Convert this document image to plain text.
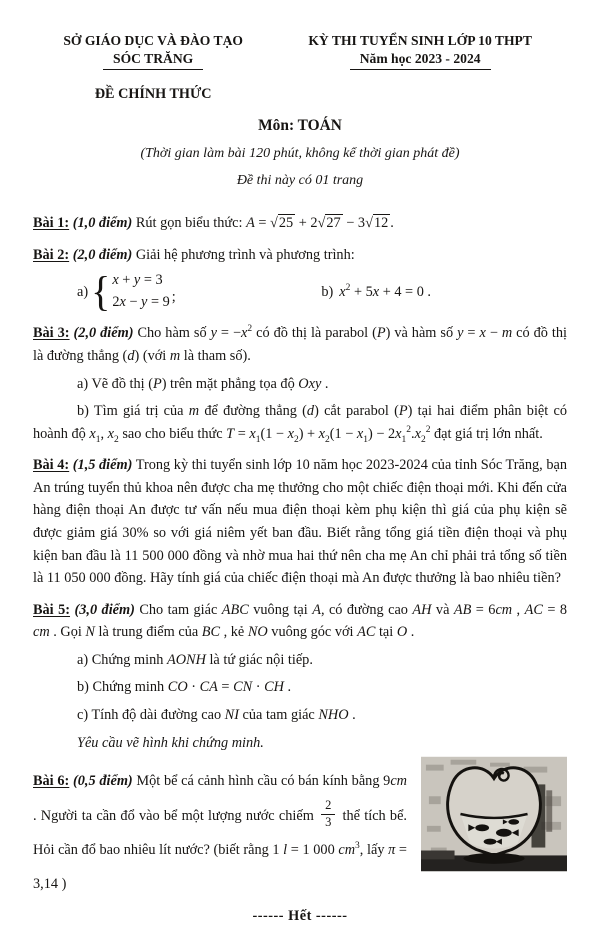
SỞ GIÁO DỤC VÀ ĐÀO TẠO
SÓC TRĂNG
ĐỀ CHÍNH THỨC
KỲ THI TUYỂN SINH LỚP 10 THPT
Năm học 2023 - 2024
Môn: TOÁN
(Thời gian làm bài 120 phút, không kể thời gian phát đề)
Đề thi này có 01 trang

Bài 1: (1,0 điểm) Rút gọn biểu thức: A = √25 + 2√27 − 3√12 .

Bài 2: (2,0 điểm) Giải hệ phương trình và phương trình:

a) { x + y = 3
2x − y = 9 ;	b) $x^2 + 5x + 4 = 0$ .

Bài 3: (2,0 điểm) Cho hàm số $y = -x^2$ có đồ thị là parabol (P) và hàm số y = x − m có đồ thị là đường thẳng (d) (với m là tham số).

a) Vẽ đồ thị (P) trên mặt phẳng tọa độ Oxy .

b) Tìm giá trị của m để đường thẳng (d) cắt parabol (P) tại hai điểm phân biệt có hoành độ $x_1$, $x_2$ sao cho biểu thức $T = x_1(1 - x_2) + x_2(1 - x_1) - 2x_1^2.x_2^2$ đạt giá trị lớn nhất.

Bài 4: (1,5 điểm) Trong kỳ thi tuyển sinh lớp 10 năm học 2023-2024 của tỉnh Sóc Trăng, bạn An trúng tuyển thủ khoa nên được cha mẹ thưởng cho một chiếc điện thoại mới. Khi đến cửa hàng điện thoại An được tư vấn nếu mua điện thoại kèm phụ kiện thì giá của phụ kiện sẽ được giảm giá 30% so với giá niêm yết ban đầu. Biết rằng tổng giá tiền điện thoại và phụ kiện ban đầu là 11 500 000 đồng và nhờ mua hai thứ nên cha mẹ An chỉ phải trả tổng số tiền là 11 050 000 đồng. Hãy tính giá của chiếc điện thoại mà An được thưởng là bao nhiêu tiền?

Bài 5: (3,0 điểm) Cho tam giác ABC vuông tại A, có đường cao AH và AB = 6cm , AC = 8 cm . Gọi N là trung điểm của BC , kẻ NO vuông góc với AC tại O .

a) Chứng minh AONH là tứ giác nội tiếp.

b) Chứng minh CO · CA = CN · CH .

c) Tính độ dài đường cao NI của tam giác NHO .

Yêu cầu vẽ hình khi chứng minh.

Bài 6: (0,5 điểm) Một bể cá cảnh hình cầu có bán kính bằng 9cm . Người ta cần đổ vào bể một lượng nước chiếm $\frac{2}{3}$ thể tích bể. Hỏi cần đổ bao nhiêu lít nước? (biết rằng 1 l = 1 000 $cm^3$, lấy π = 3,14 )

------ Hết ------
